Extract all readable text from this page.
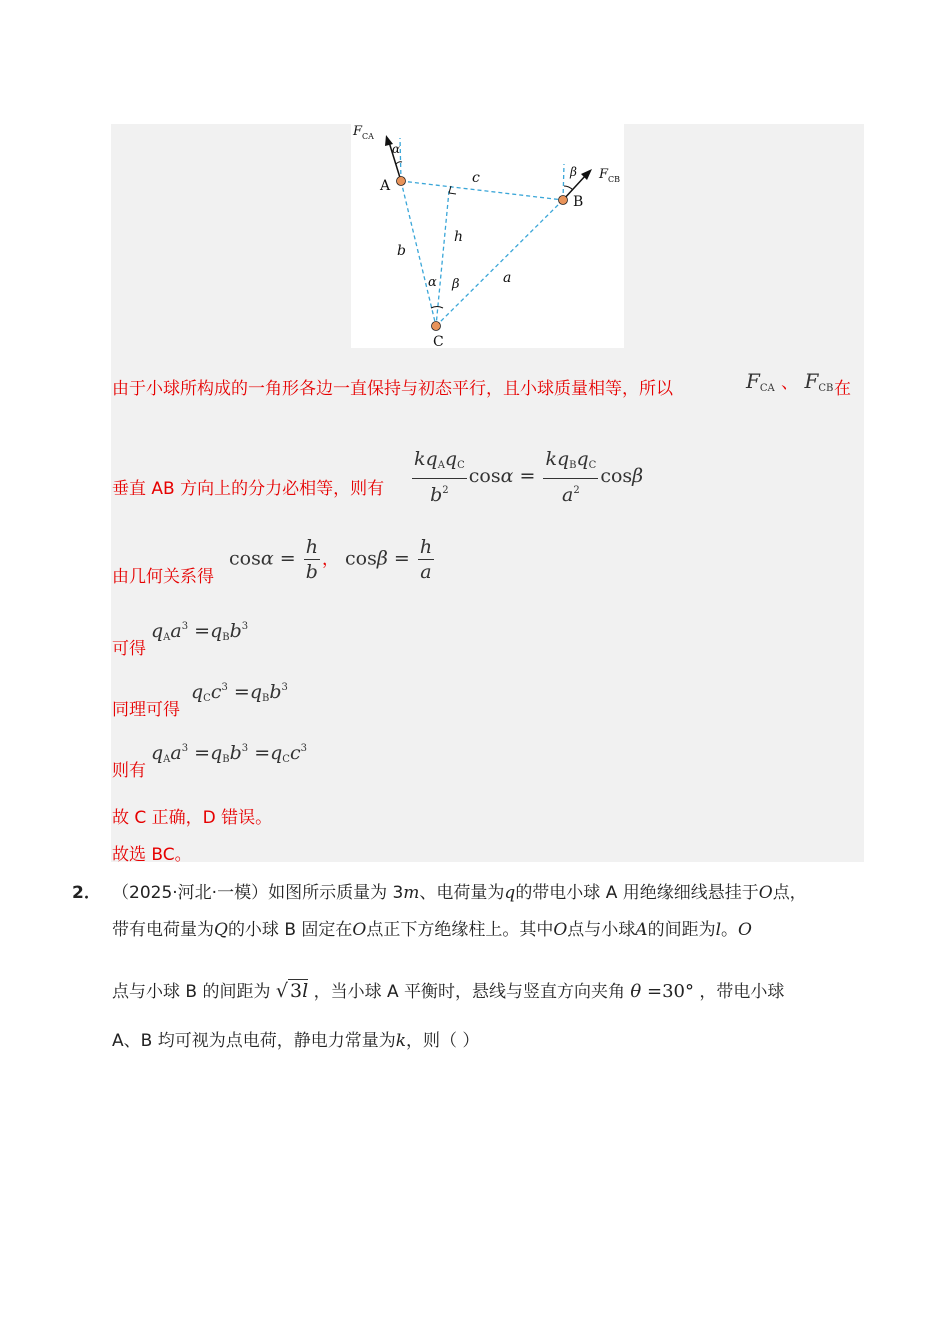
$F_{CA}$
$F_{CB}$
A
B
C
c
b
a
h
α
β
α β
由于小球所构成的一角形各边一直保持与初态平行，且小球质量相等，所以	$F_{CA}$ 、 $F_{CB}$ 在
垂直 AB 方向上的分力必相等，则有 $\frac{kq_Aq_C}{b^2}$ $\cos\alpha = \frac{kq_Bq_C}{a^2}$ cosβ
由几何关系得
$\cos\alpha = \frac{h}{b}$ ， $\cos\beta = \frac{h}{a}$
可得
$q_Aa^3 =q_Bb^3$
同理可得
$q_Cc^3 =q_Bb^3$
则有
$q_Aa^3 =q_Bb^3 =q_Cc^3$
故 C 正确，D 错误。
故选 BC。
2． （2025·河北·一模）如图所示质量为 3m、电荷量为q的带电小球 A 用绝缘细线悬挂于O点，
带有电荷量为Q的小球 B 固定在O点正下方绝缘柱上。其中O点与小球A的间距为l。O
点与小球 B 的间距为 √ 3l ，当小球 A 平衡时，悬线与竖直方向夹角 θ =30° ，带电小球
A、B 均可视为点电荷，静电力常量为k，则（ ）
